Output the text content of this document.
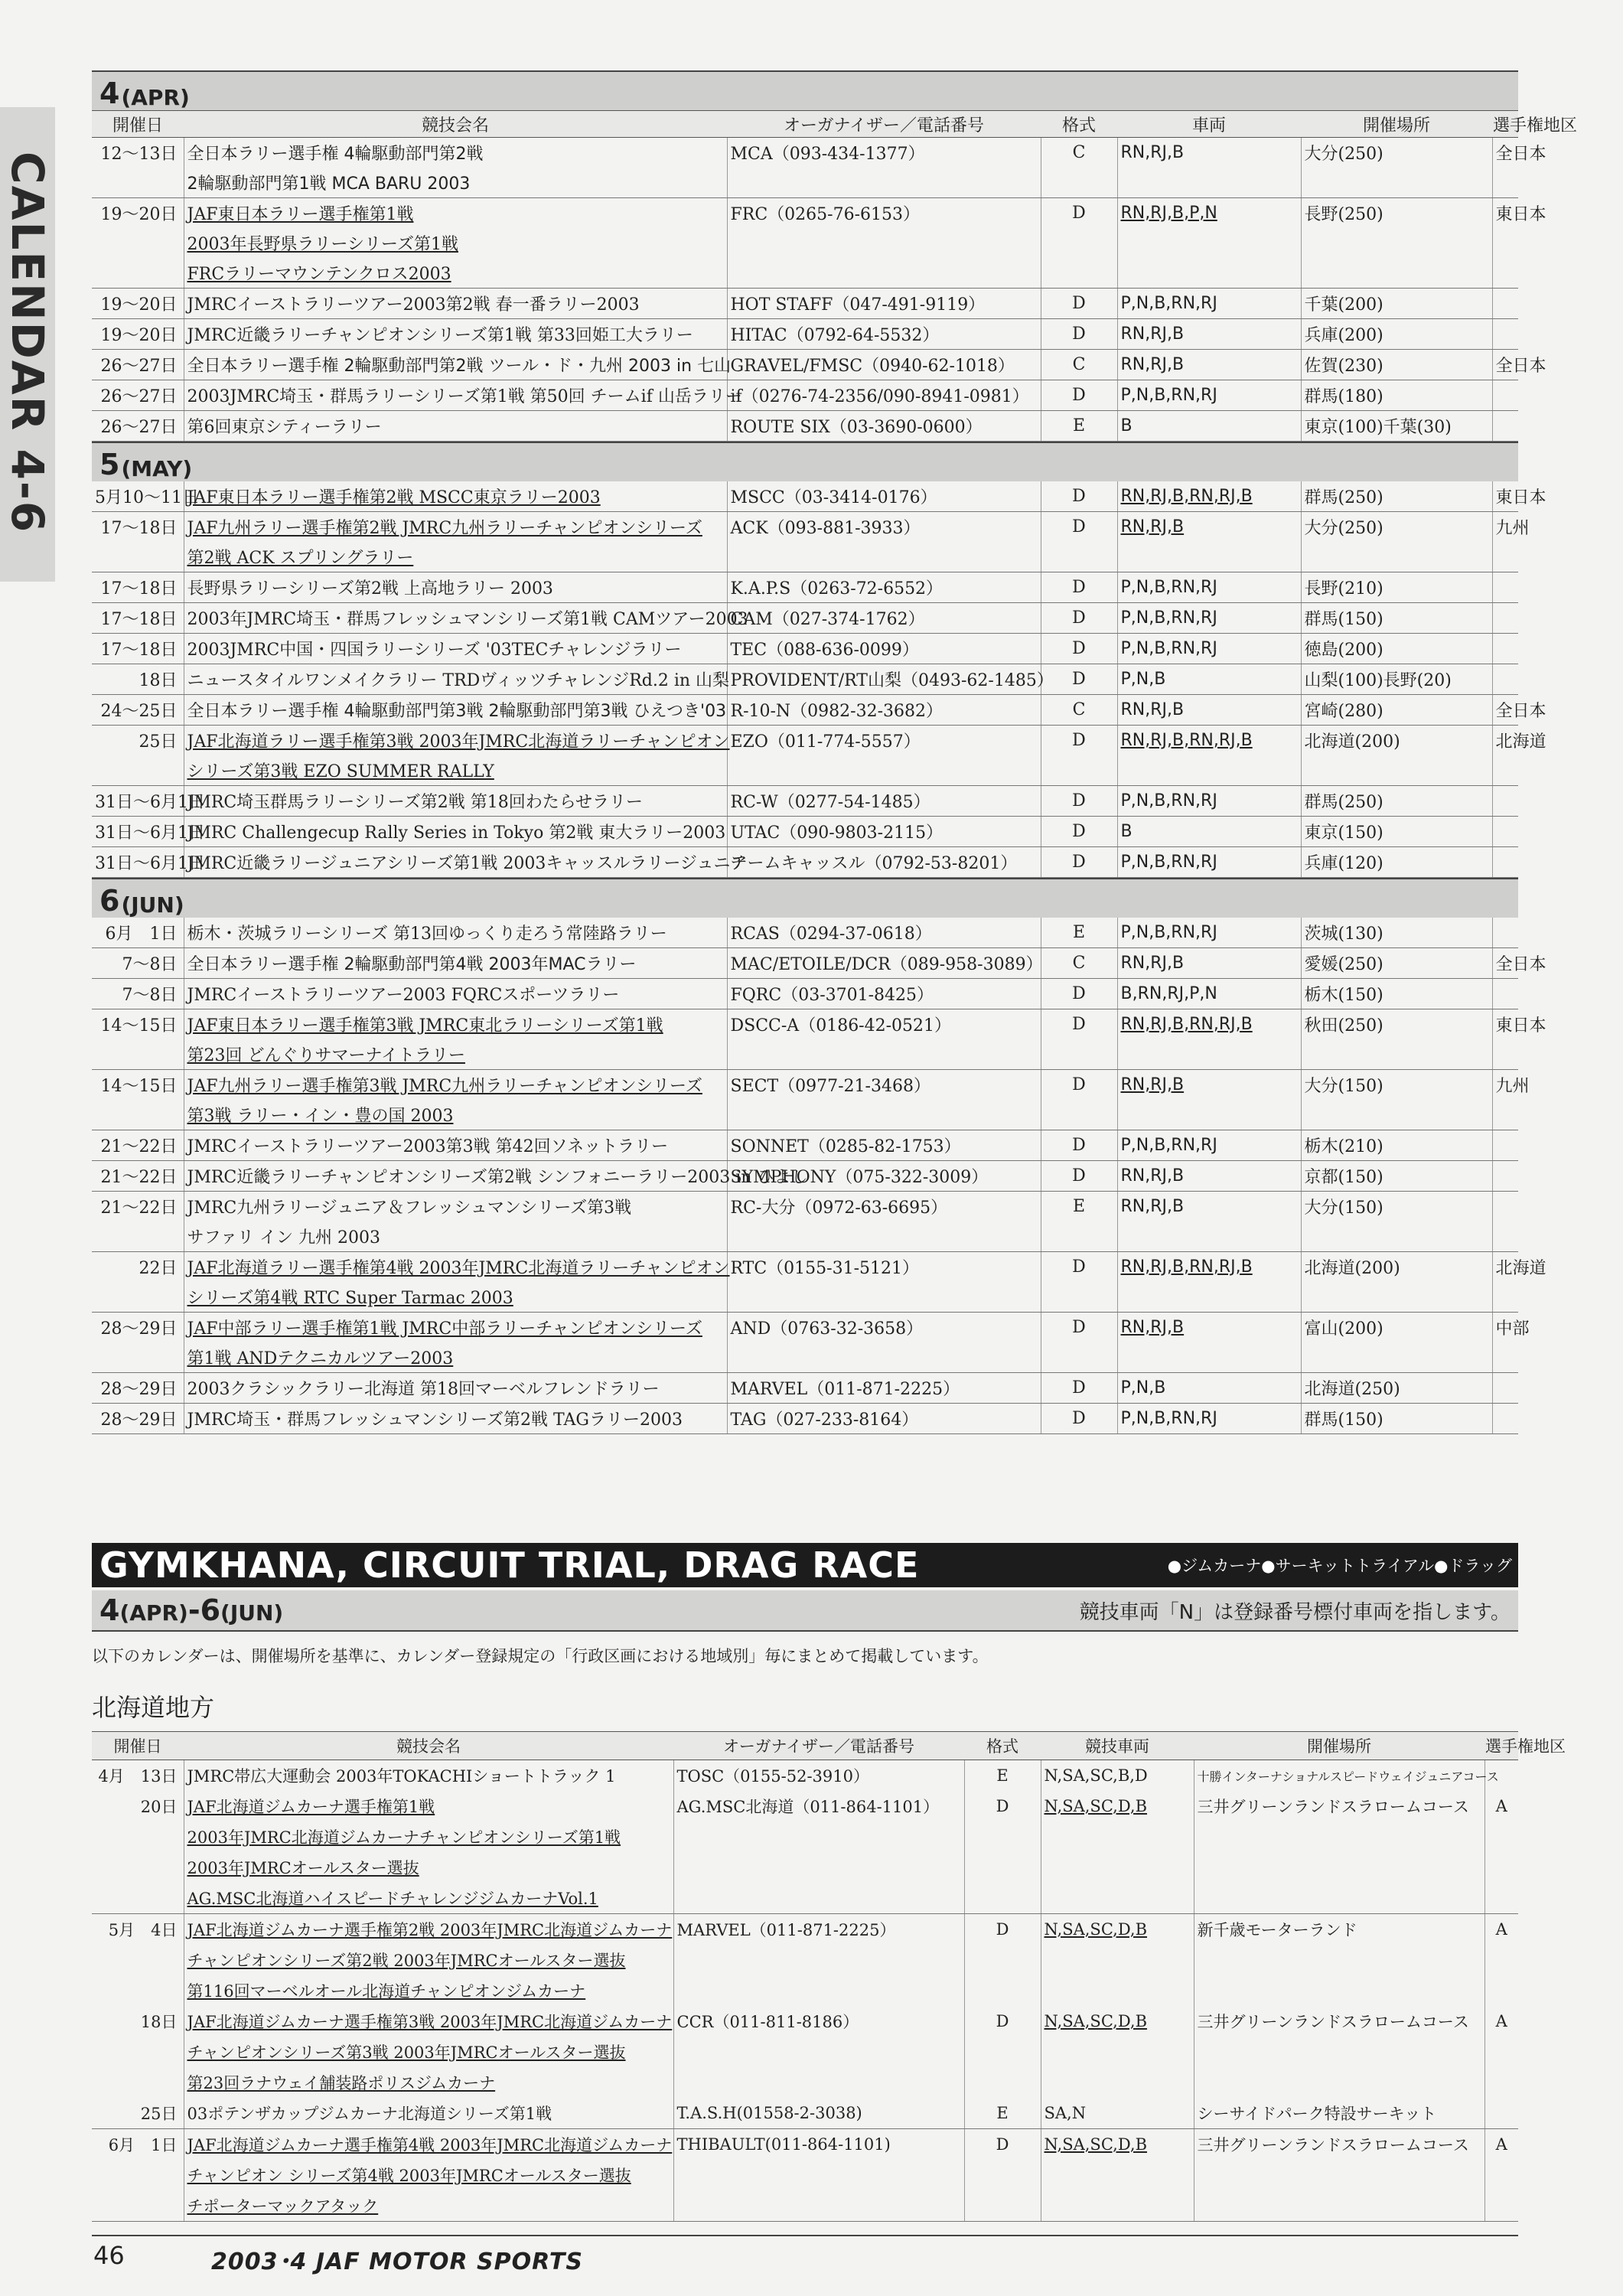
CALENDAR 4-6
4 (APR)
開催日	競技会名	オーガナイザー／電話番号	格式	車両	開催場所	選手権地区
12～13日	全日本ラリー選手権 4輪駆動部門第2戦	MCA（093-434-1377）	C	RN,RJ,B	大分(250)	全日本
	2輪駆動部門第1戦 MCA BARU 2003					
19～20日	JAF東日本ラリー選手権第1戦	FRC（0265-76-6153）	D	RN,RJ,B,P,N	長野(250)	東日本
	2003年長野県ラリーシリーズ第1戦					
	FRCラリーマウンテンクロス2003					
19～20日	JMRCイーストラリーツアー2003第2戦 春一番ラリー2003	HOT STAFF（047-491-9119）	D	P,N,B,RN,RJ	千葉(200)	
19～20日	JMRC近畿ラリーチャンピオンシリーズ第1戦 第33回姫工大ラリー	HITAC（0792-64-5532）	D	RN,RJ,B	兵庫(200)	
26～27日	全日本ラリー選手権 2輪駆動部門第2戦 ツール・ド・九州 2003 in 七山	GRAVEL/FMSC（0940-62-1018）	C	RN,RJ,B	佐賀(230)	全日本
26～27日	2003JMRC埼玉・群馬ラリーシリーズ第1戦 第50回 チームif 山岳ラリー	if（0276-74-2356/090-8941-0981）	D	P,N,B,RN,RJ	群馬(180)	
26～27日	第6回東京シティーラリー	ROUTE SIX（03-3690-0600）	E	B	東京(100)千葉(30)	
5 (MAY)
5月10～11日	JAF東日本ラリー選手権第2戦 MSCC東京ラリー2003	MSCC（03-3414-0176）	D	RN,RJ,B,RN,RJ,B	群馬(250)	東日本
17～18日	JAF九州ラリー選手権第2戦 JMRC九州ラリーチャンピオンシリーズ	ACK（093-881-3933）	D	RN,RJ,B	大分(250)	九州
	第2戦 ACK スプリングラリー					
17～18日	長野県ラリーシリーズ第2戦 上高地ラリー 2003	K.A.P.S（0263-72-6552）	D	P,N,B,RN,RJ	長野(210)	
17～18日	2003年JMRC埼玉・群馬フレッシュマンシリーズ第1戦 CAMツアー2003	CAM（027-374-1762）	D	P,N,B,RN,RJ	群馬(150)	
17～18日	2003JMRC中国・四国ラリーシリーズ '03TECチャレンジラリー	TEC（088-636-0099）	D	P,N,B,RN,RJ	徳島(200)	
18日	ニュースタイルワンメイクラリー TRDヴィッツチャレンジRd.2 in 山梨	PROVIDENT/RT山梨（0493-62-1485）	D	P,N,B	山梨(100)長野(20)	
24～25日	全日本ラリー選手権 4輪駆動部門第3戦 2輪駆動部門第3戦 ひえつき'03	R-10-N（0982-32-3682）	C	RN,RJ,B	宮崎(280)	全日本
25日	JAF北海道ラリー選手権第3戦 2003年JMRC北海道ラリーチャンピオン	EZO（011-774-5557）	D	RN,RJ,B,RN,RJ,B	北海道(200)	北海道
	シリーズ第3戦 EZO SUMMER RALLY					
31日～6月1日	JMRC埼玉群馬ラリーシリーズ第2戦 第18回わたらせラリー	RC-W（0277-54-1485）	D	P,N,B,RN,RJ	群馬(250)	
31日～6月1日	JMRC Challengecup Rally Series in Tokyo 第2戦 東大ラリー2003	UTAC（090-9803-2115）	D	B	東京(150)	
31日～6月1日	JMRC近畿ラリージュニアシリーズ第1戦 2003キャッスルラリージュニア	チームキャッスル（0792-53-8201）	D	P,N,B,RN,RJ	兵庫(120)	
6 (JUN)
6月　1日	栃木・茨城ラリーシリーズ 第13回ゆっくり走ろう常陸路ラリー	RCAS（0294-37-0618）	E	P,N,B,RN,RJ	茨城(130)	
7～8日	全日本ラリー選手権 2輪駆動部門第4戦 2003年MACラリー	MAC/ETOILE/DCR（089-958-3089）	C	RN,RJ,B	愛媛(250)	全日本
7～8日	JMRCイーストラリーツアー2003 FQRCスポーツラリー	FQRC（03-3701-8425）	D	B,RN,RJ,P,N	栃木(150)	
14～15日	JAF東日本ラリー選手権第3戦 JMRC東北ラリーシリーズ第1戦	DSCC-A（0186-42-0521）	D	RN,RJ,B,RN,RJ,B	秋田(250)	東日本
	第23回 どんぐりサマーナイトラリー					
14～15日	JAF九州ラリー選手権第3戦 JMRC九州ラリーチャンピオンシリーズ	SECT（0977-21-3468）	D	RN,RJ,B	大分(150)	九州
	第3戦 ラリー・イン・豊の国 2003					
21～22日	JMRCイーストラリーツアー2003第3戦 第42回ソネットラリー	SONNET（0285-82-1753）	D	P,N,B,RN,RJ	栃木(210)	
21～22日	JMRC近畿ラリーチャンピオンシリーズ第2戦 シンフォニーラリー2003 in ひよし	SYMPHONY（075-322-3009）	D	RN,RJ,B	京都(150)	
21～22日	JMRC九州ラリージュニア＆フレッシュマンシリーズ第3戦	RC-大分（0972-63-6695）	E	RN,RJ,B	大分(150)	
	サファリ イン 九州 2003					
22日	JAF北海道ラリー選手権第4戦 2003年JMRC北海道ラリーチャンピオン	RTC（0155-31-5121）	D	RN,RJ,B,RN,RJ,B	北海道(200)	北海道
	シリーズ第4戦 RTC Super Tarmac 2003					
28～29日	JAF中部ラリー選手権第1戦 JMRC中部ラリーチャンピオンシリーズ	AND（0763-32-3658）	D	RN,RJ,B	富山(200)	中部
	第1戦 ANDテクニカルツアー2003					
28～29日	2003クラシックラリー北海道 第18回マーベルフレンドラリー	MARVEL（011-871-2225）	D	P,N,B	北海道(250)	
28～29日	JMRC埼玉・群馬フレッシュマンシリーズ第2戦 TAGラリー2003	TAG（027-233-8164）	D	P,N,B,RN,RJ	群馬(150)	
GYMKHANA, CIRCUIT TRIAL, DRAG RACE	●ジムカーナ●サーキットトライアル●ドラッグ
4(APR)-6(JUN)	競技車両「N」は登録番号標付車両を指します。
以下のカレンダーは、開催場所を基準に、カレンダー登録規定の「行政区画における地域別」毎にまとめて掲載しています。
北海道地方
開催日	競技会名	オーガナイザー／電話番号	格式	競技車両	開催場所	選手権地区
4月　13日	JMRC帯広大運動会 2003年TOKACHIショートトラック 1	TOSC（0155-52-3910）	E	N,SA,SC,B,D	十勝インターナショナルスピードウェイジュニアコース	
20日	JAF北海道ジムカーナ選手権第1戦	AG.MSC北海道（011-864-1101）	D	N,SA,SC,D,B	三井グリーンランドスラロームコース	A
	2003年JMRC北海道ジムカーナチャンピオンシリーズ第1戦					
	2003年JMRCオールスター選抜					
	AG.MSC北海道ハイスピードチャレンジジムカーナVol.1					
5月　4日	JAF北海道ジムカーナ選手権第2戦 2003年JMRC北海道ジムカーナ	MARVEL（011-871-2225）	D	N,SA,SC,D,B	新千歳モーターランド	A
	チャンピオンシリーズ第2戦 2003年JMRCオールスター選抜					
	第116回マーベルオール北海道チャンピオンジムカーナ					
18日	JAF北海道ジムカーナ選手権第3戦 2003年JMRC北海道ジムカーナ	CCR（011-811-8186）	D	N,SA,SC,D,B	三井グリーンランドスラロームコース	A
	チャンピオンシリーズ第3戦 2003年JMRCオールスター選抜					
	第23回ラナウェイ舗装路ポリスジムカーナ					
25日	03ポテンザカップジムカーナ北海道シリーズ第1戦	T.A.S.H(01558-2-3038)	E	SA,N	シーサイドパーク特設サーキット	
6月　1日	JAF北海道ジムカーナ選手権第4戦 2003年JMRC北海道ジムカーナ	THIBAULT(011-864-1101)	D	N,SA,SC,D,B	三井グリーンランドスラロームコース	A
	チャンピオン シリーズ第4戦 2003年JMRCオールスター選抜					
	チポーターマックアタック					
46	2003･4 JAF MOTOR SPORTS
